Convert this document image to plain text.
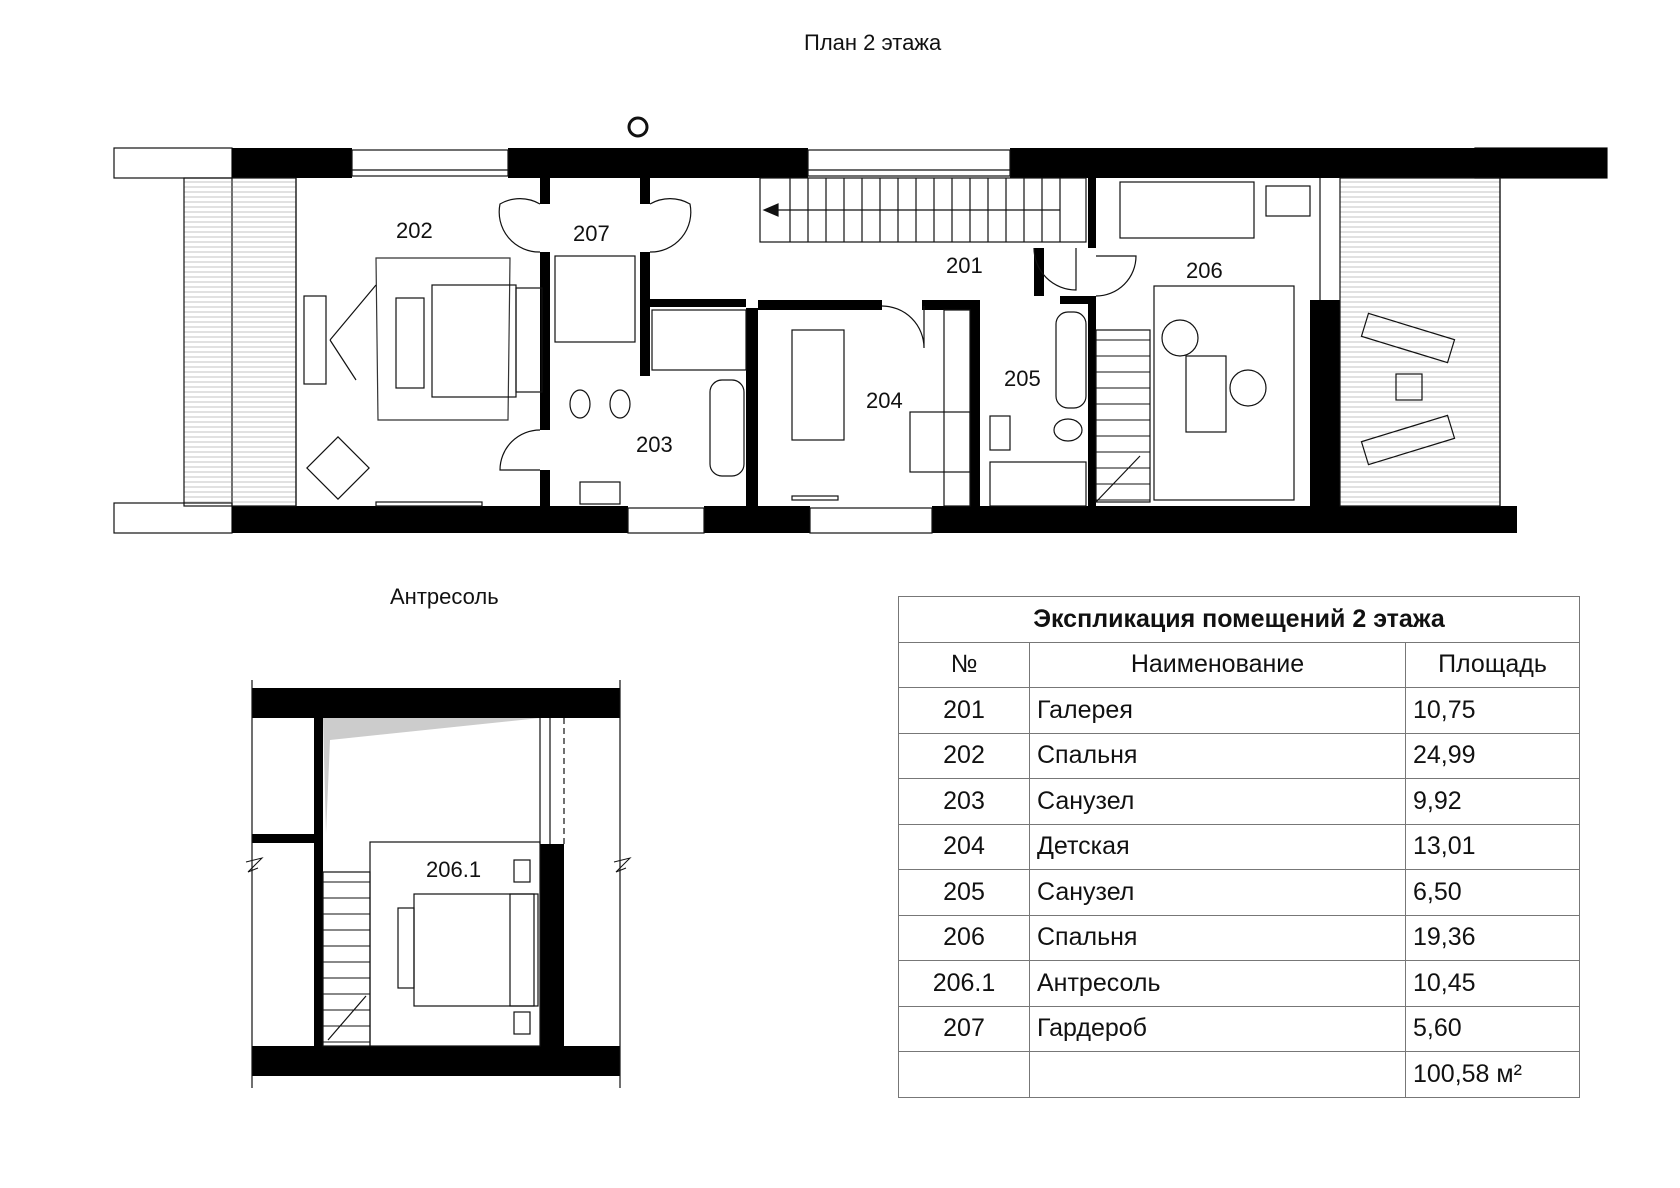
План 2 этажа
Антресоль
202	207
201	206
205
204
203
206.1
Экспликация помещений 2 этажа		
№	Наименование	Площадь
201	Галерея	10,75
202	Спальня	24,99
203	Санузел	9,92
204	Детская	13,01
205	Санузел	6,50
206	Спальня	19,36
206.1	Антресоль	10,45
207	Гардероб	5,60
		100,58 м²
